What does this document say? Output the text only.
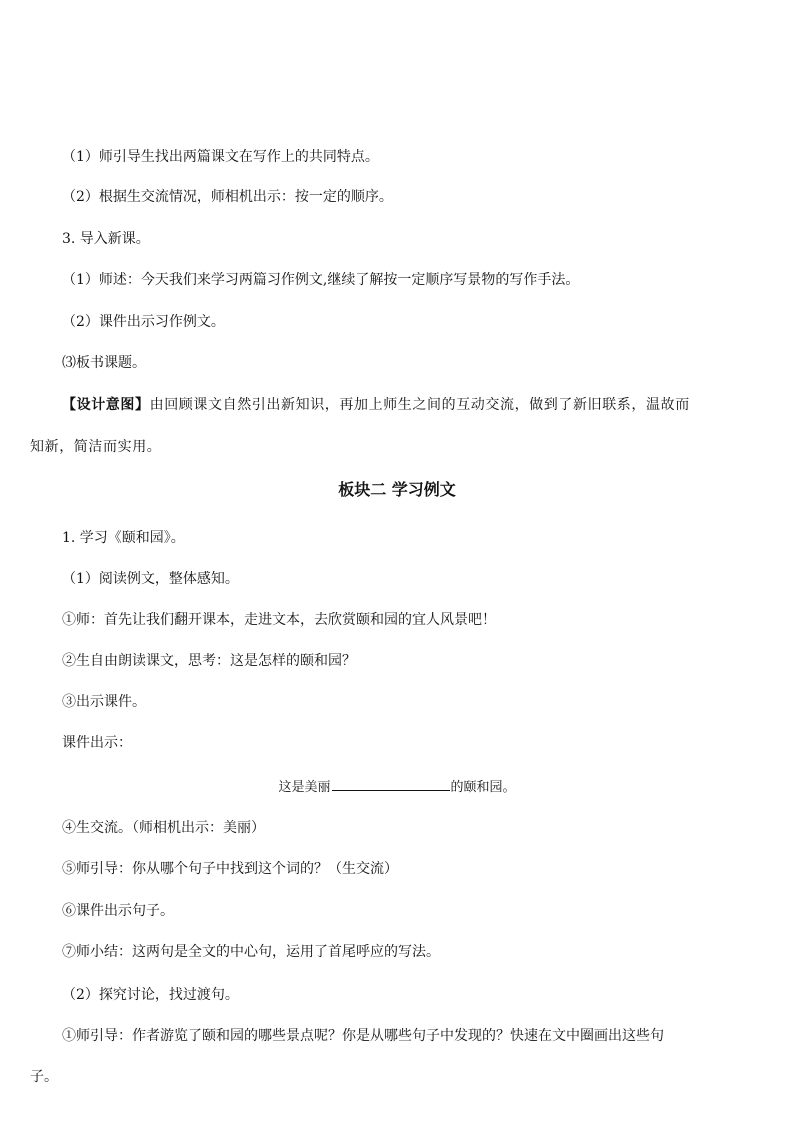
（1）师引导生找出两篇课文在写作上的共同特点。
（2）根据生交流情况，师相机出示：按一定的顺序。
3. 导入新课。
（1）师述：今天我们来学习两篇习作例文,继续了解按一定顺序写景物的写作手法。
（2）课件出示习作例文。
⑶板书课题。
【设计意图】由回顾课文自然引出新知识，再加上师生之间的互动交流，做到了新旧联系，温故而
知新，简洁而实用。
板块二 学习例文
1. 学习《颐和园》。
（1）阅读例文，整体感知。
①师：首先让我们翻开课本，走进文本，去欣赏颐和园的宜人风景吧！
②生自由朗读课文，思考：这是怎样的颐和园？
③出示课件。
课件出示：
这是美丽	的颐和园。
④生交流。（师相机出示：美丽）
⑤师引导：你从哪个句子中找到这个词的？（生交流）
⑥课件出示句子。
⑦师小结：这两句是全文的中心句，运用了首尾呼应的写法。
（2）探究讨论，找过渡句。
①师引导：作者游览了颐和园的哪些景点呢？你是从哪些句子中发现的？快速在文中圈画出这些句
子。
